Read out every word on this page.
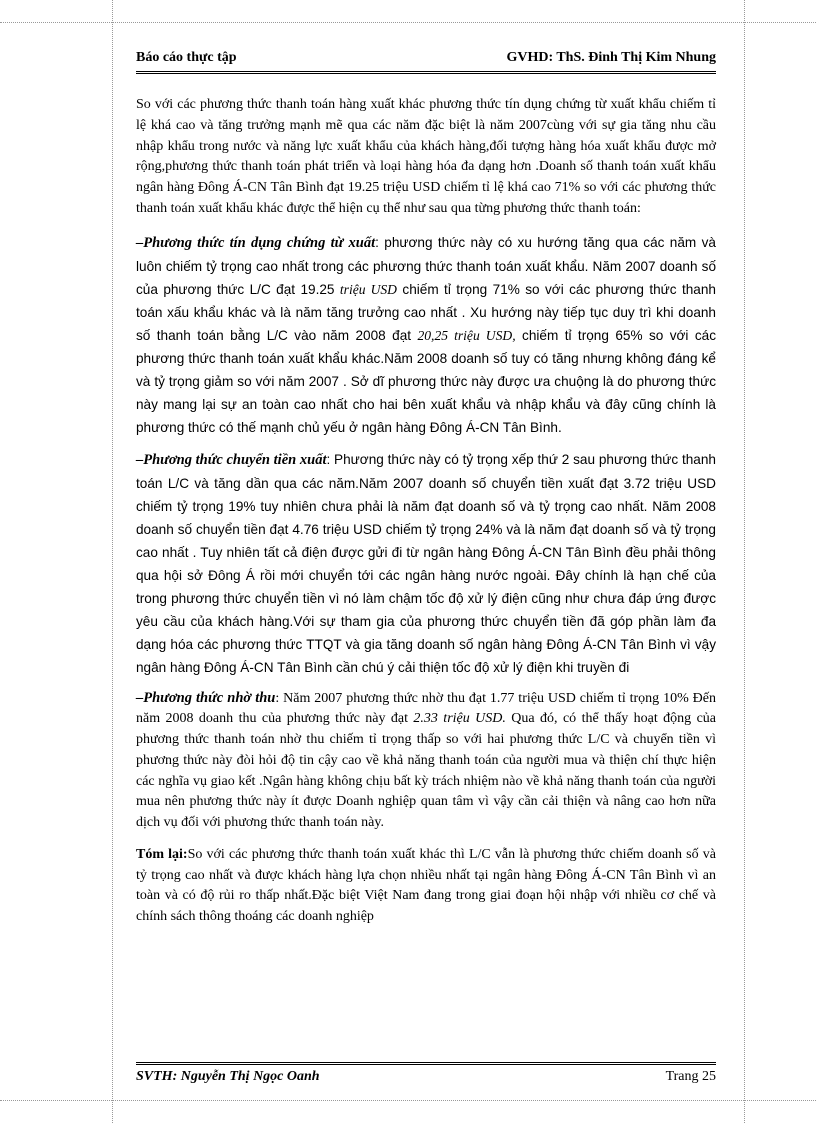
Báo cáo thực tập	GVHD: ThS. Đinh Thị Kim Nhung

So với các phương thức thanh toán hàng xuất khác phương thức tín dụng chứng từ xuất khẩu chiếm tỉ lệ khá cao và tăng trưởng mạnh mẽ qua các năm đặc biệt là năm 2007cùng với sự gia tăng nhu cầu nhập khẩu trong nước và năng lực xuất khẩu của khách hàng,đối tượng hàng hóa xuất khẩu được mở rộng,phương thức thanh toán phát triển và loại hàng hóa đa dạng hơn .Doanh số thanh toán xuất khẩu ngân hàng Đông Á-CN Tân Bình đạt 19.25 triệu USD chiếm tỉ lệ khá cao 71% so với các phương thức thanh toán xuất khẩu khác được thể hiện cụ thể như sau qua từng phương thức thanh toán:

–Phương thức tín dụng chứng từ xuất: phương thức này có xu hướng tăng qua các năm và luôn chiếm tỷ trọng cao nhất trong các phương thức thanh toán xuất khẩu. Năm 2007 doanh số của phương thức L/C đạt 19.25 triệu USD chiếm tỉ trọng 71% so với các phương thức thanh toán xấu khẩu khác và là năm tăng trưởng cao nhất . Xu hướng này tiếp tục duy trì khi doanh số thanh toán bằng L/C vào năm 2008 đạt 20,25 triệu USD, chiếm tỉ trọng 65% so với các phương thức thanh toán xuất khẩu khác.Năm 2008 doanh số tuy có tăng nhưng không đáng kể và tỷ trọng giảm so với năm 2007 . Sở dĩ phương thức này được ưa chuộng là do phương thức này mang lại sự an toàn cao nhất cho hai bên xuất khẩu và nhập khẩu và đây cũng chính là phương thức có thế mạnh chủ yếu ở ngân hàng Đông Á-CN Tân Bình.

–Phương thức chuyển tiền xuất: Phương thức này có tỷ trọng xếp thứ 2 sau phương thức thanh toán L/C và tăng dần qua các năm.Năm 2007 doanh số chuyển tiền xuất đạt 3.72 triệu USD chiếm tỷ trọng 19% tuy nhiên chưa phải là năm đạt doanh số và tỷ trọng cao nhất. Năm 2008 doanh số chuyển tiền đạt 4.76 triệu USD chiếm tỷ trọng 24% và là năm đạt doanh số và tỷ trọng cao nhất . Tuy nhiên tất cả điện được gửi đi từ ngân hàng Đông Á-CN Tân Bình đều phải thông qua hội sở Đông Á rồi mới chuyển tới các ngân hàng nước ngoài. Đây chính là hạn chế của trong phương thức chuyển tiền vì nó làm chậm tốc độ xử lý điện cũng như chưa đáp ứng được yêu cầu của khách hàng.Với sự tham gia của phương thức chuyển tiền đã góp phần làm đa dạng hóa các phương thức TTQT và gia tăng doanh số ngân hàng Đông Á-CN Tân Bình vì vậy ngân hàng Đông Á-CN Tân Bình cần chú ý cải thiện tốc độ xử lý điện khi truyền đi

–Phương thức nhờ thu: Năm 2007 phương thức nhờ thu đạt 1.77 triệu USD chiếm tỉ trọng 10% Đến năm 2008 doanh thu của phương thức này đạt 2.33 triệu USD. Qua đó, có thể thấy hoạt động của phương thức thanh toán nhờ thu chiếm tỉ trọng thấp so với hai phương thức L/C và chuyển tiền vì phương thức này đòi hỏi độ tin cậy cao về khả năng thanh toán của người mua và thiện chí thực hiện các nghĩa vụ giao kết .Ngân hàng không chịu bất kỳ trách nhiệm nào về khả năng thanh toán của người mua nên phương thức này ít được Doanh nghiệp quan tâm vì vậy cần cải thiện và nâng cao hơn nữa dịch vụ đối với phương thức thanh toán này.

Tóm lại:So với các phương thức thanh toán xuất khác thì L/C vẫn là phương thức chiếm doanh số và tỷ trọng cao nhất và được khách hàng lựa chọn nhiều nhất tại ngân hàng Đông Á-CN Tân Bình vì an toàn và có độ rủi ro thấp nhất.Đặc biệt Việt Nam đang trong giai đoạn hội nhập với nhiều cơ chế và chính sách thông thoáng các doanh nghiệp

SVTH: Nguyễn Thị Ngọc Oanh	Trang 25
